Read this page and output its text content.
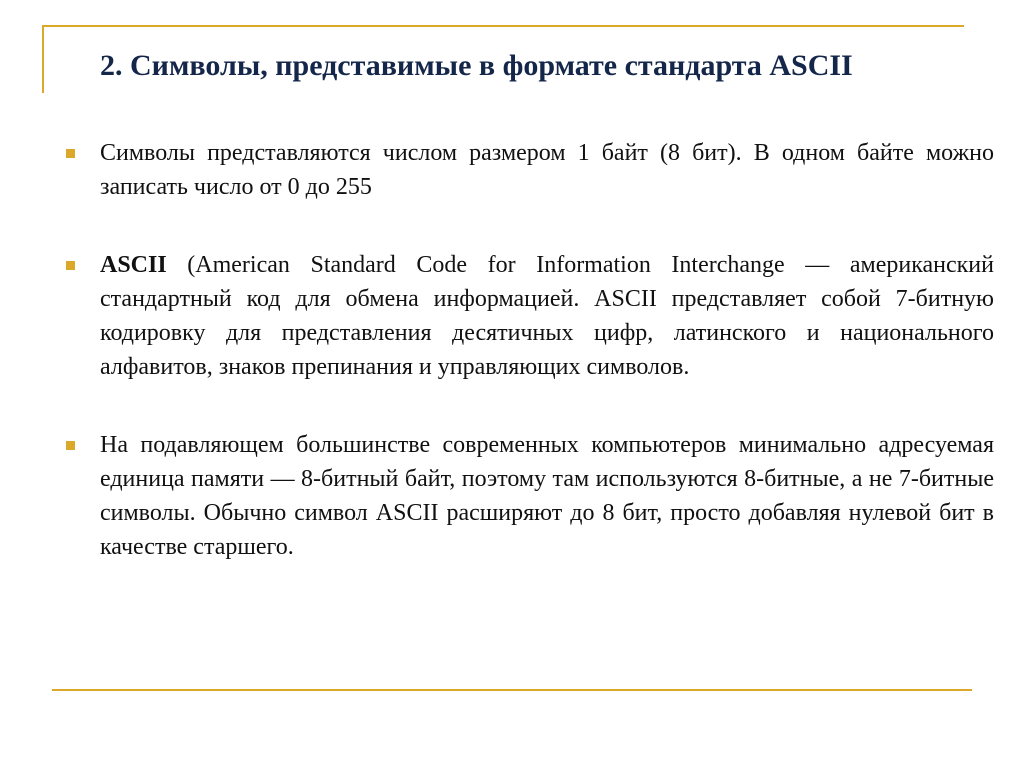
2. Символы, представимые в формате стандарта ASCII
Символы представляются числом размером 1 байт (8 бит). В одном байте можно записать число от 0 до 255
ASCII (American Standard Code for Information Interchange — американский стандартный код для обмена информацией. ASCII представляет собой 7-битную кодировку для представления десятичных цифр, латинского и национального алфавитов, знаков препинания и управляющих символов.
На подавляющем большинстве современных компьютеров минимально адресуемая единица памяти — 8-битный байт, поэтому там используются 8-битные, а не 7-битные символы. Обычно символ ASCII расширяют до 8 бит, просто добавляя нулевой бит в качестве старшего.
